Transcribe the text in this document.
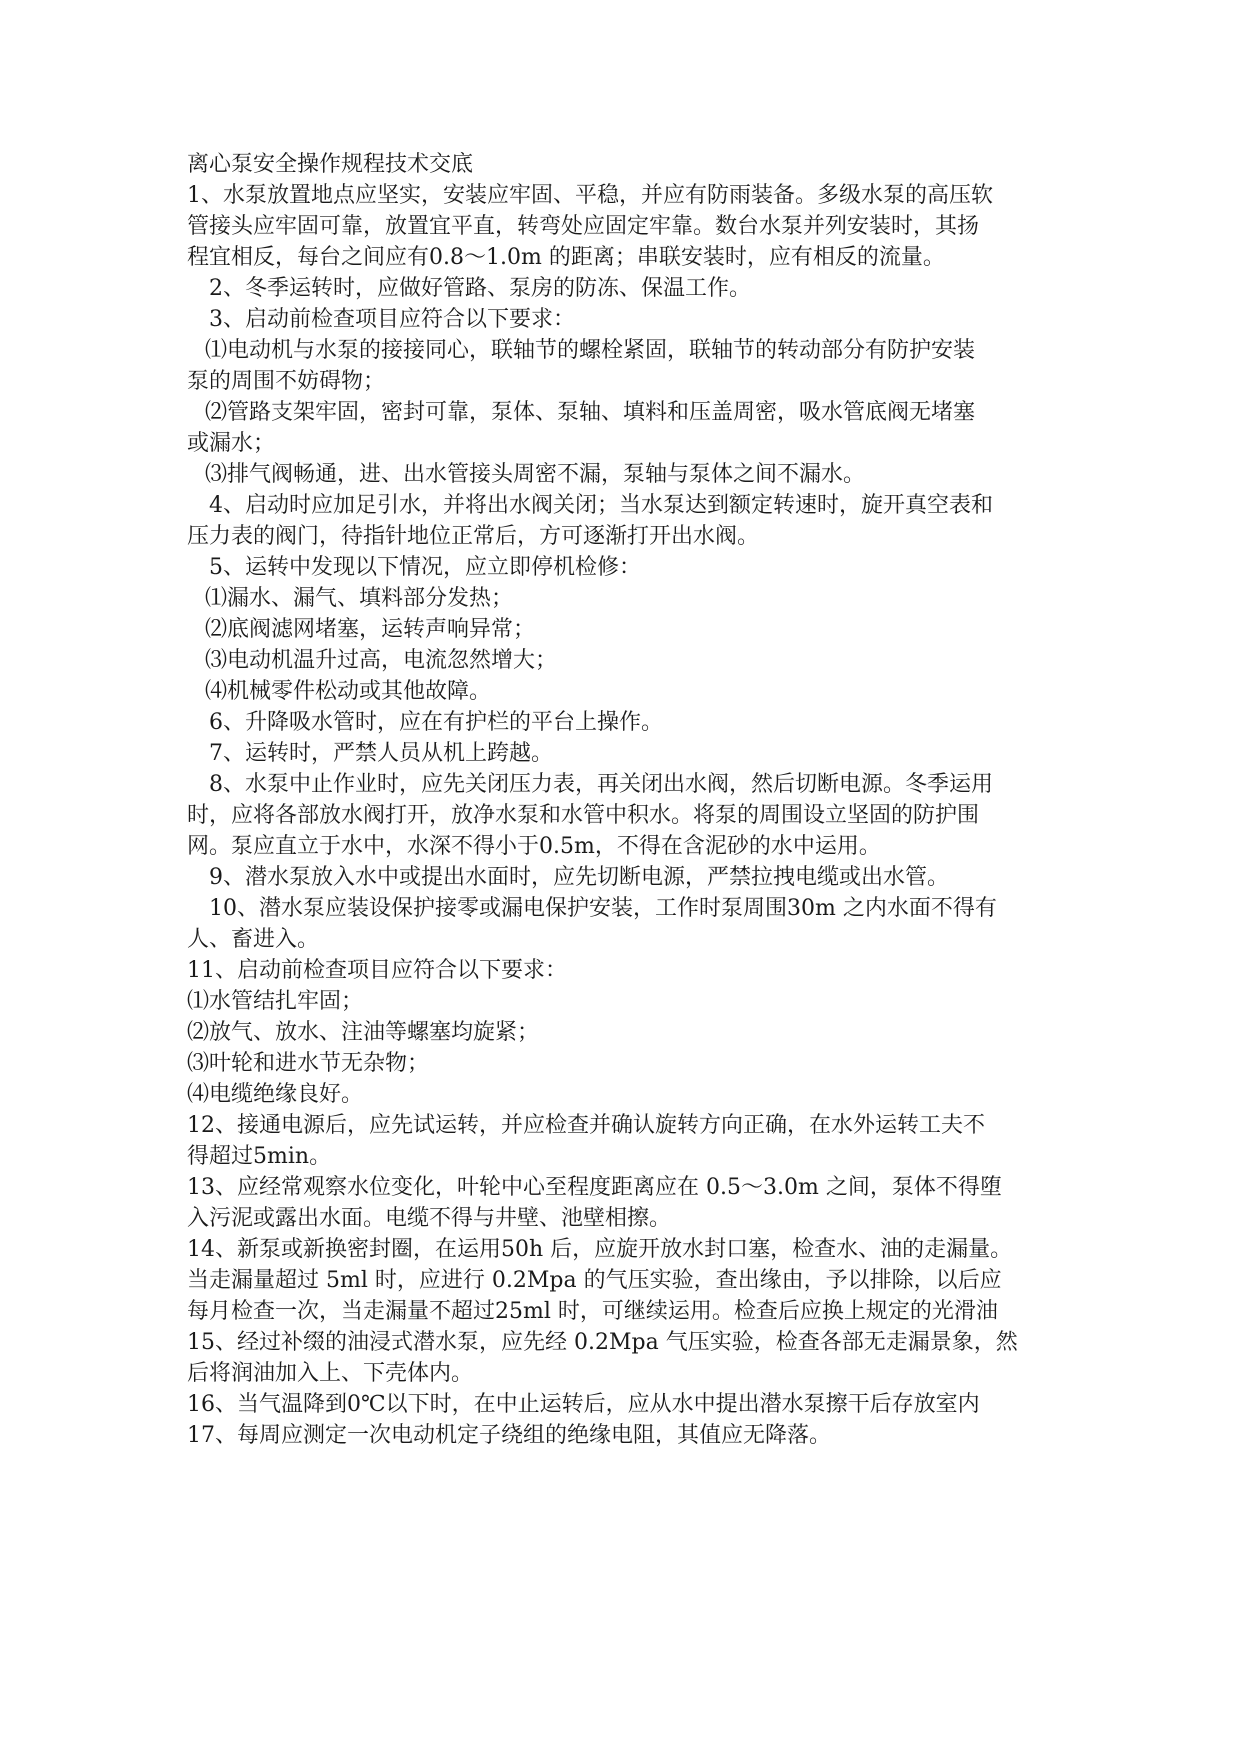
离心泵安全操作规程技术交底
1、水泵放置地点应坚实，安装应牢固、平稳，并应有防雨装备。多级水泵的高压软
管接头应牢固可靠，放置宜平直，转弯处应固定牢靠。数台水泵并列安装时，其扬
程宜相反，每台之间应有0.8～1.0m 的距离；串联安装时，应有相反的流量。
2、冬季运转时，应做好管路、泵房的防冻、保温工作。
3、启动前检查项目应符合以下要求：
⑴电动机与水泵的接接同心，联轴节的螺栓紧固，联轴节的转动部分有防护安装
泵的周围不妨碍物；
⑵管路支架牢固，密封可靠，泵体、泵轴、填料和压盖周密，吸水管底阀无堵塞
或漏水；
⑶排气阀畅通，进、出水管接头周密不漏，泵轴与泵体之间不漏水。
4、启动时应加足引水，并将出水阀关闭；当水泵达到额定转速时，旋开真空表和
压力表的阀门，待指针地位正常后，方可逐渐打开出水阀。
5、运转中发现以下情况，应立即停机检修：
⑴漏水、漏气、填料部分发热；
⑵底阀滤网堵塞，运转声响异常；
⑶电动机温升过高，电流忽然增大；
⑷机械零件松动或其他故障。
6、升降吸水管时，应在有护栏的平台上操作。
7、运转时，严禁人员从机上跨越。
8、水泵中止作业时，应先关闭压力表，再关闭出水阀，然后切断电源。冬季运用
时，应将各部放水阀打开，放净水泵和水管中积水。将泵的周围设立坚固的防护围
网。泵应直立于水中，水深不得小于0.5m，不得在含泥砂的水中运用。
9、潜水泵放入水中或提出水面时，应先切断电源，严禁拉拽电缆或出水管。
10、潜水泵应装设保护接零或漏电保护安装，工作时泵周围30m 之内水面不得有
人、畜进入。
11、启动前检查项目应符合以下要求：
⑴水管结扎牢固；
⑵放气、放水、注油等螺塞均旋紧；
⑶叶轮和进水节无杂物；
⑷电缆绝缘良好。
12、接通电源后，应先试运转，并应检查并确认旋转方向正确，在水外运转工夫不
得超过5min。
13、应经常观察水位变化，叶轮中心至程度距离应在 0.5～3.0m 之间，泵体不得堕
入污泥或露出水面。电缆不得与井壁、池壁相擦。
14、新泵或新换密封圈，在运用50h 后，应旋开放水封口塞，检查水、油的走漏量。
当走漏量超过 5ml 时，应进行 0.2Mpa 的气压实验，查出缘由，予以排除，以后应
每月检查一次，当走漏量不超过25ml 时，可继续运用。检查后应换上规定的光滑油
15、经过补缀的油浸式潜水泵，应先经 0.2Mpa 气压实验，检查各部无走漏景象，然
后将润油加入上、下壳体内。
16、当气温降到0℃以下时，在中止运转后，应从水中提出潜水泵擦干后存放室内
17、每周应测定一次电动机定子绕组的绝缘电阻，其值应无降落。
